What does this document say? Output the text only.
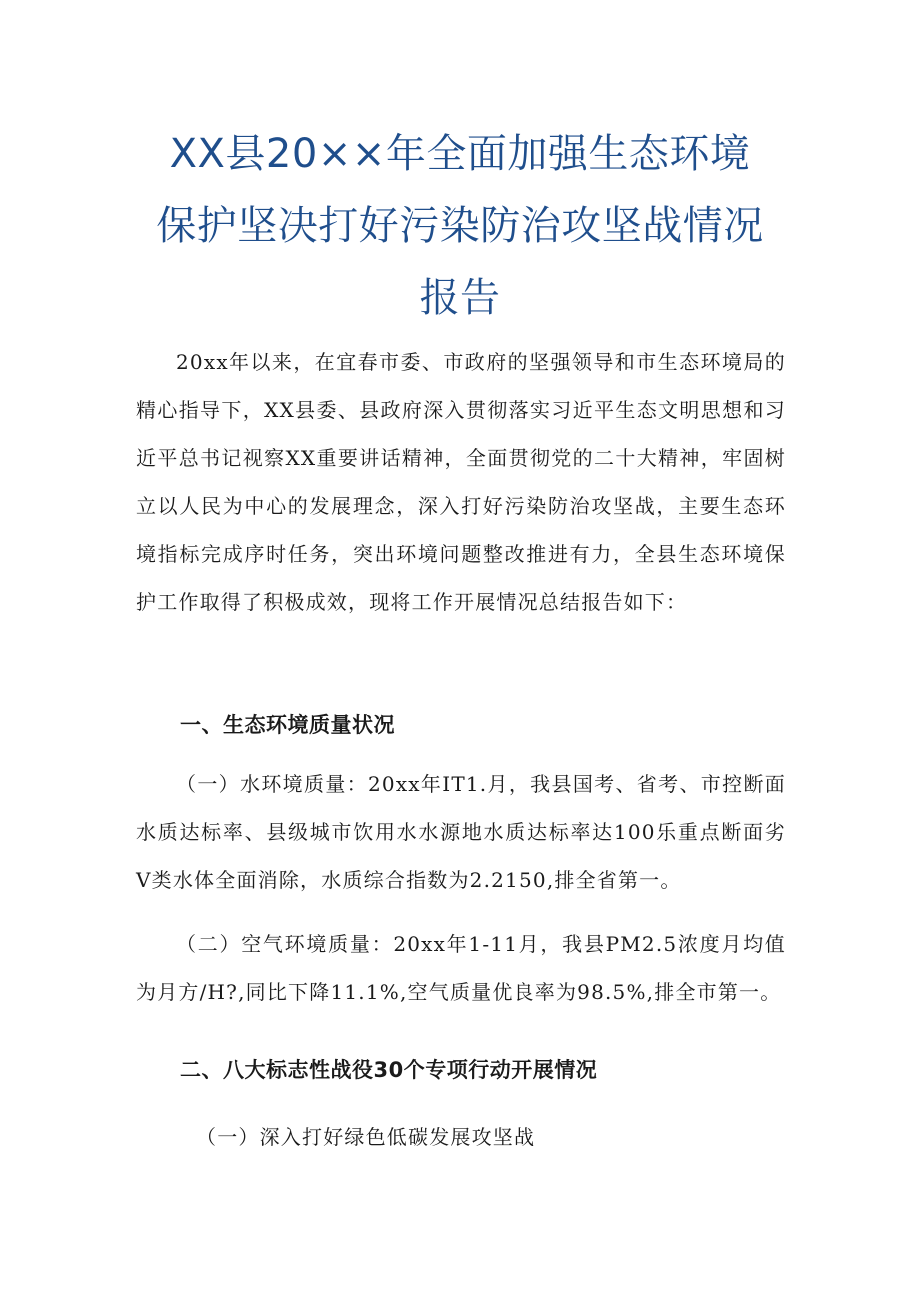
XX县20××年全面加强生态环境保护坚决打好污染防治攻坚战情况报告

20xx年以来，在宜春市委、市政府的坚强领导和市生态环境局的精心指导下，XX县委、县政府深入贯彻落实习近平生态文明思想和习近平总书记视察XX重要讲话精神，全面贯彻党的二十大精神，牢固树立以人民为中心的发展理念，深入打好污染防治攻坚战，主要生态环境指标完成序时任务，突出环境问题整改推进有力，全县生态环境保护工作取得了积极成效，现将工作开展情况总结报告如下：

一、生态环境质量状况

（一）水环境质量：20xx年IT1.月，我县国考、省考、市控断面水质达标率、县级城市饮用水水源地水质达标率达100乐重点断面劣V类水体全面消除，水质综合指数为2.2150,排全省第一。

（二）空气环境质量：20xx年1-11月，我县PM2.5浓度月均值为月方/H?,同比下降11.1%,空气质量优良率为98.5%,排全市第一。

二、八大标志性战役30个专项行动开展情况

（一）深入打好绿色低碳发展攻坚战
